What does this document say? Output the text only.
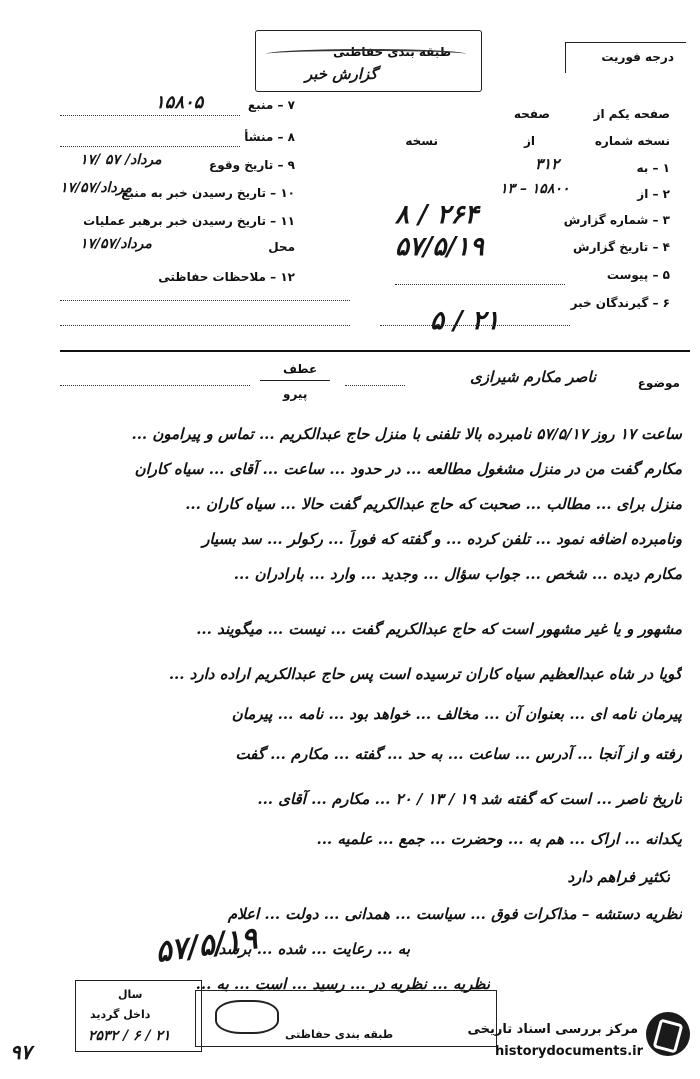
طبقه بندی حفاظتی
گزارش خبر
درجه فوریت
۷ – منبع
۱۵۸۰۵
۸ – منشأ
۹ – تاریخ وقوع
۱۷/ مرداد/ ۵۷
۱۰ – تاریخ رسیدن خبر به منبع
۱۷/مرداد/۵۷
۱۱ – تاریخ رسیدن خبر برهبر عملیات
محل
۱۷/مرداد/۵۷
۱۲ – ملاحظات حفاظتی
صفحه یکم از
صفحه
نسخه شماره
از
نسخه
۱ – به
۳۱۲
۲ – از
۱۳ – ۱۵۸۰۰
۳ – شماره گزارش
۸ / ۲۶۴
۴ – تاریخ گزارش
۵۷/۵/۱۹
۵ – پیوست
۶ – گیرندگان خبر
۵ / ۲۱
موضوع
ناصر مکارم شیرازی
عطف
پیرو
ساعت ۱۷ روز ۵۷/۵/۱۷ نامبرده بالا تلفنی با منزل حاج عبدالکریم ... تماس و پیرامون ...
مکارم گفت من در منزل مشغول مطالعه ... در حدود ... ساعت ... آقای ... سیاه کاران
منزل برای ... مطالب ... صحبت که حاج عبدالکریم گفت حالا ... سیاه کاران ...
ونامبرده اضافه نمود ... تلفن کرده ... و گفته که فوراً ... رکولر ... سد بسیار
مکارم دیده ... شخص ... جواب سؤال ... وجدید ... وارد ... بارادران ...
مشهور و یا غیر مشهور است که حاج عبدالکریم گفت ... نیست ... میگویند ...
گویا در شاه عبدالعظیم سیاه کاران ترسیده است پس حاج عبدالکریم اراده دارد ...
پیرمان نامه ای ... بعنوان آن ... مخالف ... خواهد بود ... نامه ... پیرمان
رفته و از آنجا ... آدرس ... ساعت ... به حد ... گفته ... مکارم ... گفت
تاریخ ناصر ... است که گفته شد ۱۹ / ۱۳ / ۲۰ ... مکارم ... آقای ...
یکدانه ... اراک ... هم به ... وحضرت ... جمع ... علمیه ...
تکثیر فراهم دارد
نظریه دستشه – مذاکرات فوق ... سیاست ... همدانی ... دولت ... اعلام
به ... رعایت ... شده ... برسد
نظریه ... نظریه در ... رسید ... است ... به ...
۵۷/۵/۱۹
سال
داخل گردید
۲۵۳۲ / ۶ / ۲۱	طبقه بندی حفاظتی
۹۷
مرکز بررسی اسناد تاریخی
historydocuments.ir
